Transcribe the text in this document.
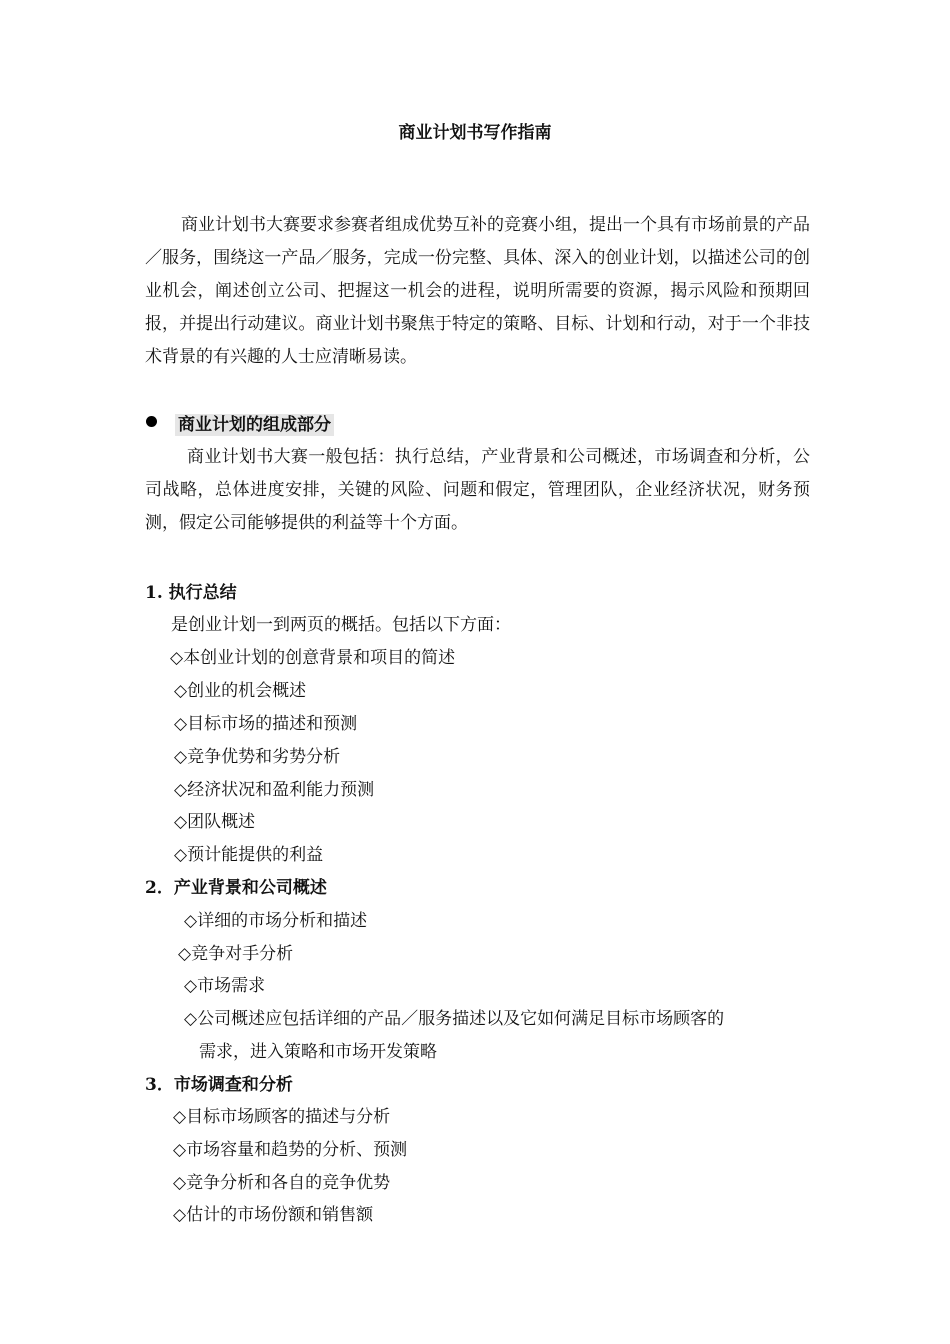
商业计划书写作指南

商业计划书大赛要求参赛者组成优势互补的竞赛小组，提出一个具有市场前景的产品／服务，围绕这一产品／服务，完成一份完整、具体、深入的创业计划，以描述公司的创业机会，阐述创立公司、把握这一机会的进程，说明所需要的资源，揭示风险和预期回报，并提出行动建议。商业计划书聚焦于特定的策略、目标、计划和行动，对于一个非技术背景的有兴趣的人士应清晰易读。

商业计划的组成部分

商业计划书大赛一般包括：执行总结，产业背景和公司概述，市场调查和分析，公司战略，总体进度安排，关键的风险、问题和假定，管理团队，企业经济状况，财务预测，假定公司能够提供的利益等十个方面。

1. 执行总结
是创业计划一到两页的概括。包括以下方面：
◇本创业计划的创意背景和项目的简述
◇创业的机会概述
◇目标市场的描述和预测
◇竞争优势和劣势分析
◇经济状况和盈利能力预测
◇团队概述
◇预计能提供的利益
2．产业背景和公司概述
◇详细的市场分析和描述
◇竞争对手分析
◇市场需求
◇公司概述应包括详细的产品／服务描述以及它如何满足目标市场顾客的
需求，进入策略和市场开发策略
3．市场调查和分析
◇目标市场顾客的描述与分析
◇市场容量和趋势的分析、预测
◇竞争分析和各自的竞争优势
◇估计的市场份额和销售额
